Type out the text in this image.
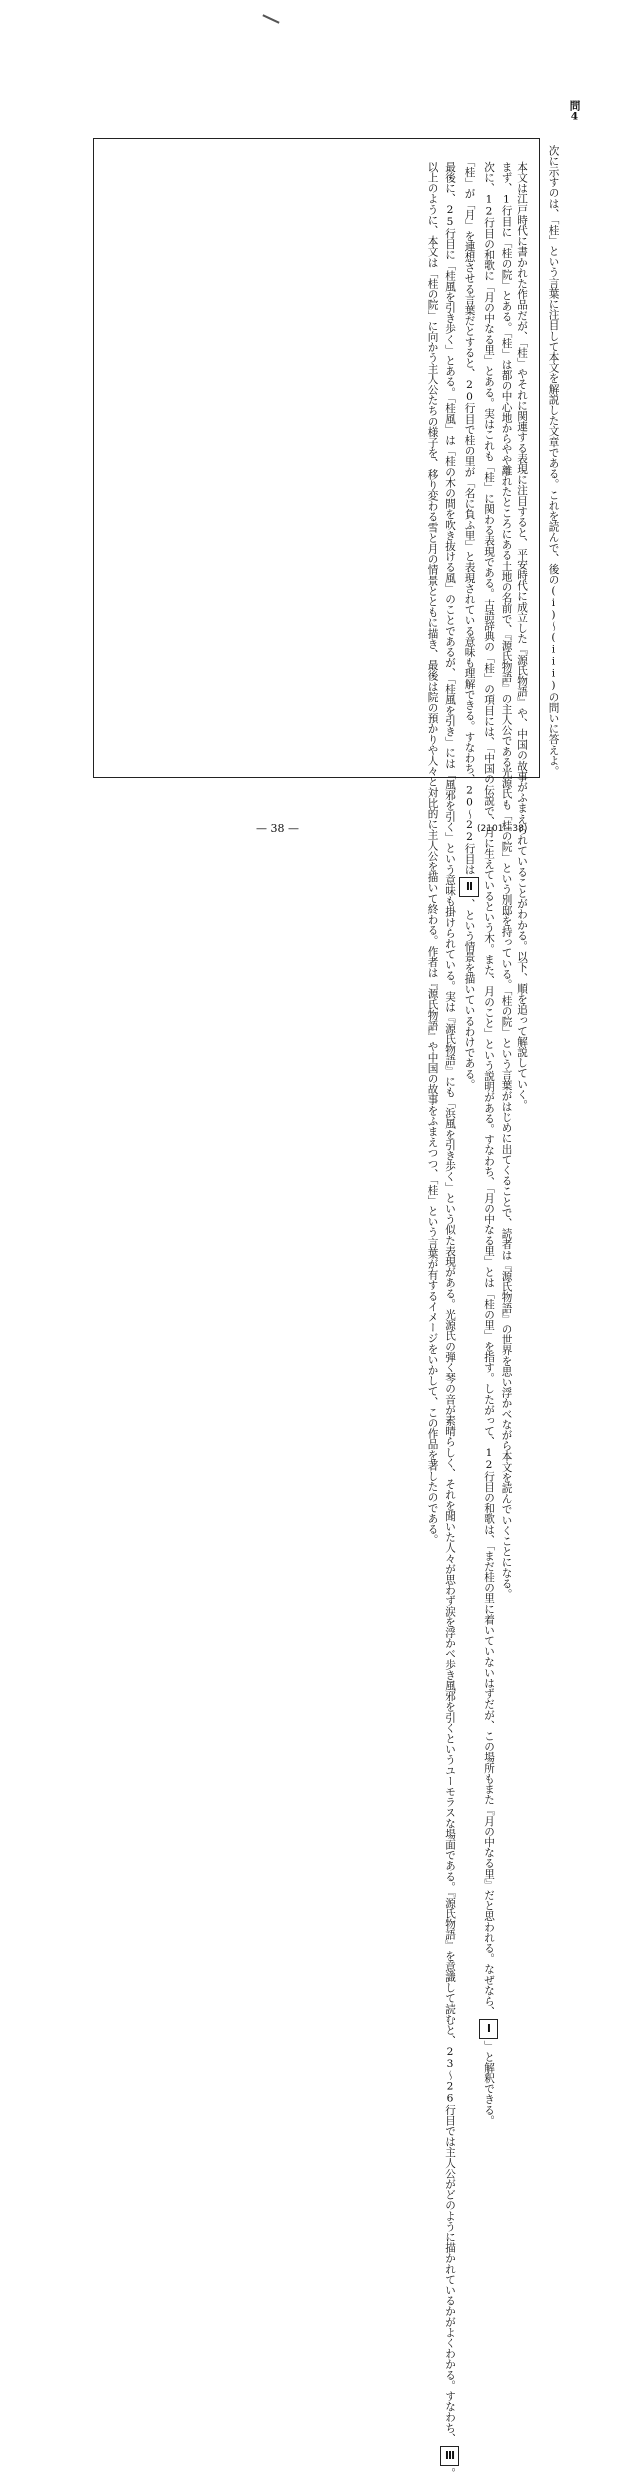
問4
次に示すのは、「桂」という言葉に注目して本文を解説した文章である。これを読んで、後の(i)〜(iii)の問いに答えよ。
　本文は江戸時代に書かれた作品だが、「桂」やそれに関連する表現に注目すると、平安時代に成立した『源氏物語』や、中国の故事がふまえられていることがわかる。以下、順を追って解説していく。
　まず、1行目に「桂の院」とある。「桂」は都の中心地からやや離れたところにある土地の名前で、『源氏物語』の主人公である光源氏も「桂の院」という別邸を持っている。「桂の院」という言葉がはじめに出てくることで、読者は『源氏物語』の世界を思い浮かべながら本文を読んでいくことになる。
　次に、12行目の和歌に「月の中なる里」とある。実はこれも「桂」に関わる表現である。古語辞典の「桂」の項目には、「中国の伝説で、月に生えているという木。また、月のこと」という説明がある。すなわち、「月の中なる里」とは「桂の里」を指す。したがって、12行目の和歌は、「まだ桂の里に着いていないはずだが、この場所もまた『月の中なる里』だと思われる。なぜなら、Ⅰ」と解釈できる。
　「桂」が「月」を連想させる言葉だとすると、20行目で桂の里が「名に負ふ里」と表現されている意味も理解できる。すなわち、20〜22行目はⅡ、という情景を描いているわけである。
　最後に、25行目に「桂風を引き歩く」とある。「桂風」は「桂の木の間を吹き抜ける風」のことであるが、「桂風を引き」には「風邪を引く」という意味も掛けられている。実は『源氏物語』にも「浜風を引き歩く」という似た表現がある。光源氏の弾く琴の音が素晴らしく、それを聞いた人々が思わず涙を浮かべ歩き風邪を引くというユーモラスな場面である。『源氏物語』を意識して読むと、23〜26行目では主人公がどのように描かれているかがよくわかる。すなわち、Ⅲ。
　以上のように、本文は「桂の院」に向かう主人公たちの様子を、移り変わる雪と月の情景とともに描き、最後は院の預かりや人々と対比的に主人公を描いて終わる。作者は『源氏物語』や中国の故事をふまえつつ、「桂」という言葉が有するイメージをいかして、この作品を著したのである。
— 38 —	(2101—38)
